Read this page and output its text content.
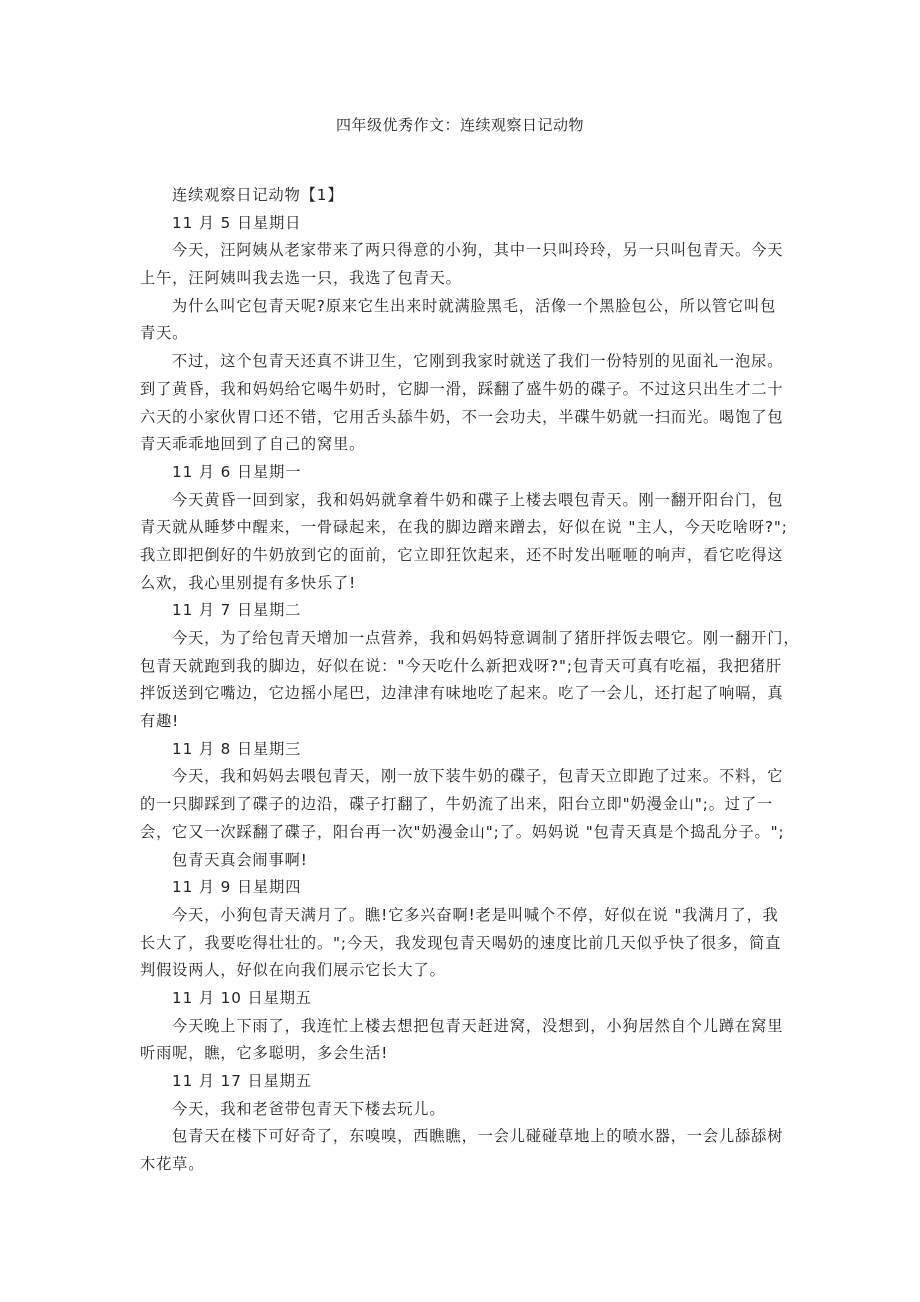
四年级优秀作文：连续观察日记动物
连续观察日记动物【1】
11 月 5 日星期日
今天，汪阿姨从老家带来了两只得意的小狗，其中一只叫玲玲，另一只叫包青天。今天
上午，汪阿姨叫我去选一只，我选了包青天。
为什么叫它包青天呢?原来它生出来时就满脸黑毛，活像一个黑脸包公，所以管它叫包
青天。
不过，这个包青天还真不讲卫生，它刚到我家时就送了我们一份特别的见面礼一泡尿。
到了黄昏，我和妈妈给它喝牛奶时，它脚一滑，踩翻了盛牛奶的碟子。不过这只出生才二十
六天的小家伙胃口还不错，它用舌头舔牛奶，不一会功夫，半碟牛奶就一扫而光。喝饱了包
青天乖乖地回到了自己的窝里。
11 月 6 日星期一
今天黄昏一回到家，我和妈妈就拿着牛奶和碟子上楼去喂包青天。刚一翻开阳台门，包
青天就从睡梦中醒来，一骨碌起来，在我的脚边蹭来蹭去，好似在说 "主人，今天吃啥呀?";
我立即把倒好的牛奶放到它的面前，它立即狂饮起来，还不时发出咂咂的响声，看它吃得这
么欢，我心里别提有多快乐了!
11 月 7 日星期二
今天，为了给包青天增加一点营养，我和妈妈特意调制了猪肝拌饭去喂它。刚一翻开门，
包青天就跑到我的脚边，好似在说："今天吃什么新把戏呀?";包青天可真有吃福，我把猪肝
拌饭送到它嘴边，它边摇小尾巴，边津津有味地吃了起来。吃了一会儿，还打起了响嗝，真
有趣!
11 月 8 日星期三
今天，我和妈妈去喂包青天，刚一放下装牛奶的碟子，包青天立即跑了过来。不料，它
的一只脚踩到了碟子的边沿，碟子打翻了，牛奶流了出来，阳台立即"奶漫金山";。过了一
会，它又一次踩翻了碟子，阳台再一次"奶漫金山";了。妈妈说 "包青天真是个捣乱分子。";
包青天真会闹事啊!
11 月 9 日星期四
今天，小狗包青天满月了。瞧!它多兴奋啊!老是叫喊个不停，好似在说 "我满月了，我
长大了，我要吃得壮壮的。";今天，我发现包青天喝奶的速度比前几天似乎快了很多，简直
判假设两人，好似在向我们展示它长大了。
11 月 10 日星期五
今天晚上下雨了，我连忙上楼去想把包青天赶进窝，没想到，小狗居然自个儿蹲在窝里
听雨呢，瞧，它多聪明，多会生活!
11 月 17 日星期五
今天，我和老爸带包青天下楼去玩儿。
包青天在楼下可好奇了，东嗅嗅，西瞧瞧，一会儿碰碰草地上的喷水器，一会儿舔舔树
木花草。
